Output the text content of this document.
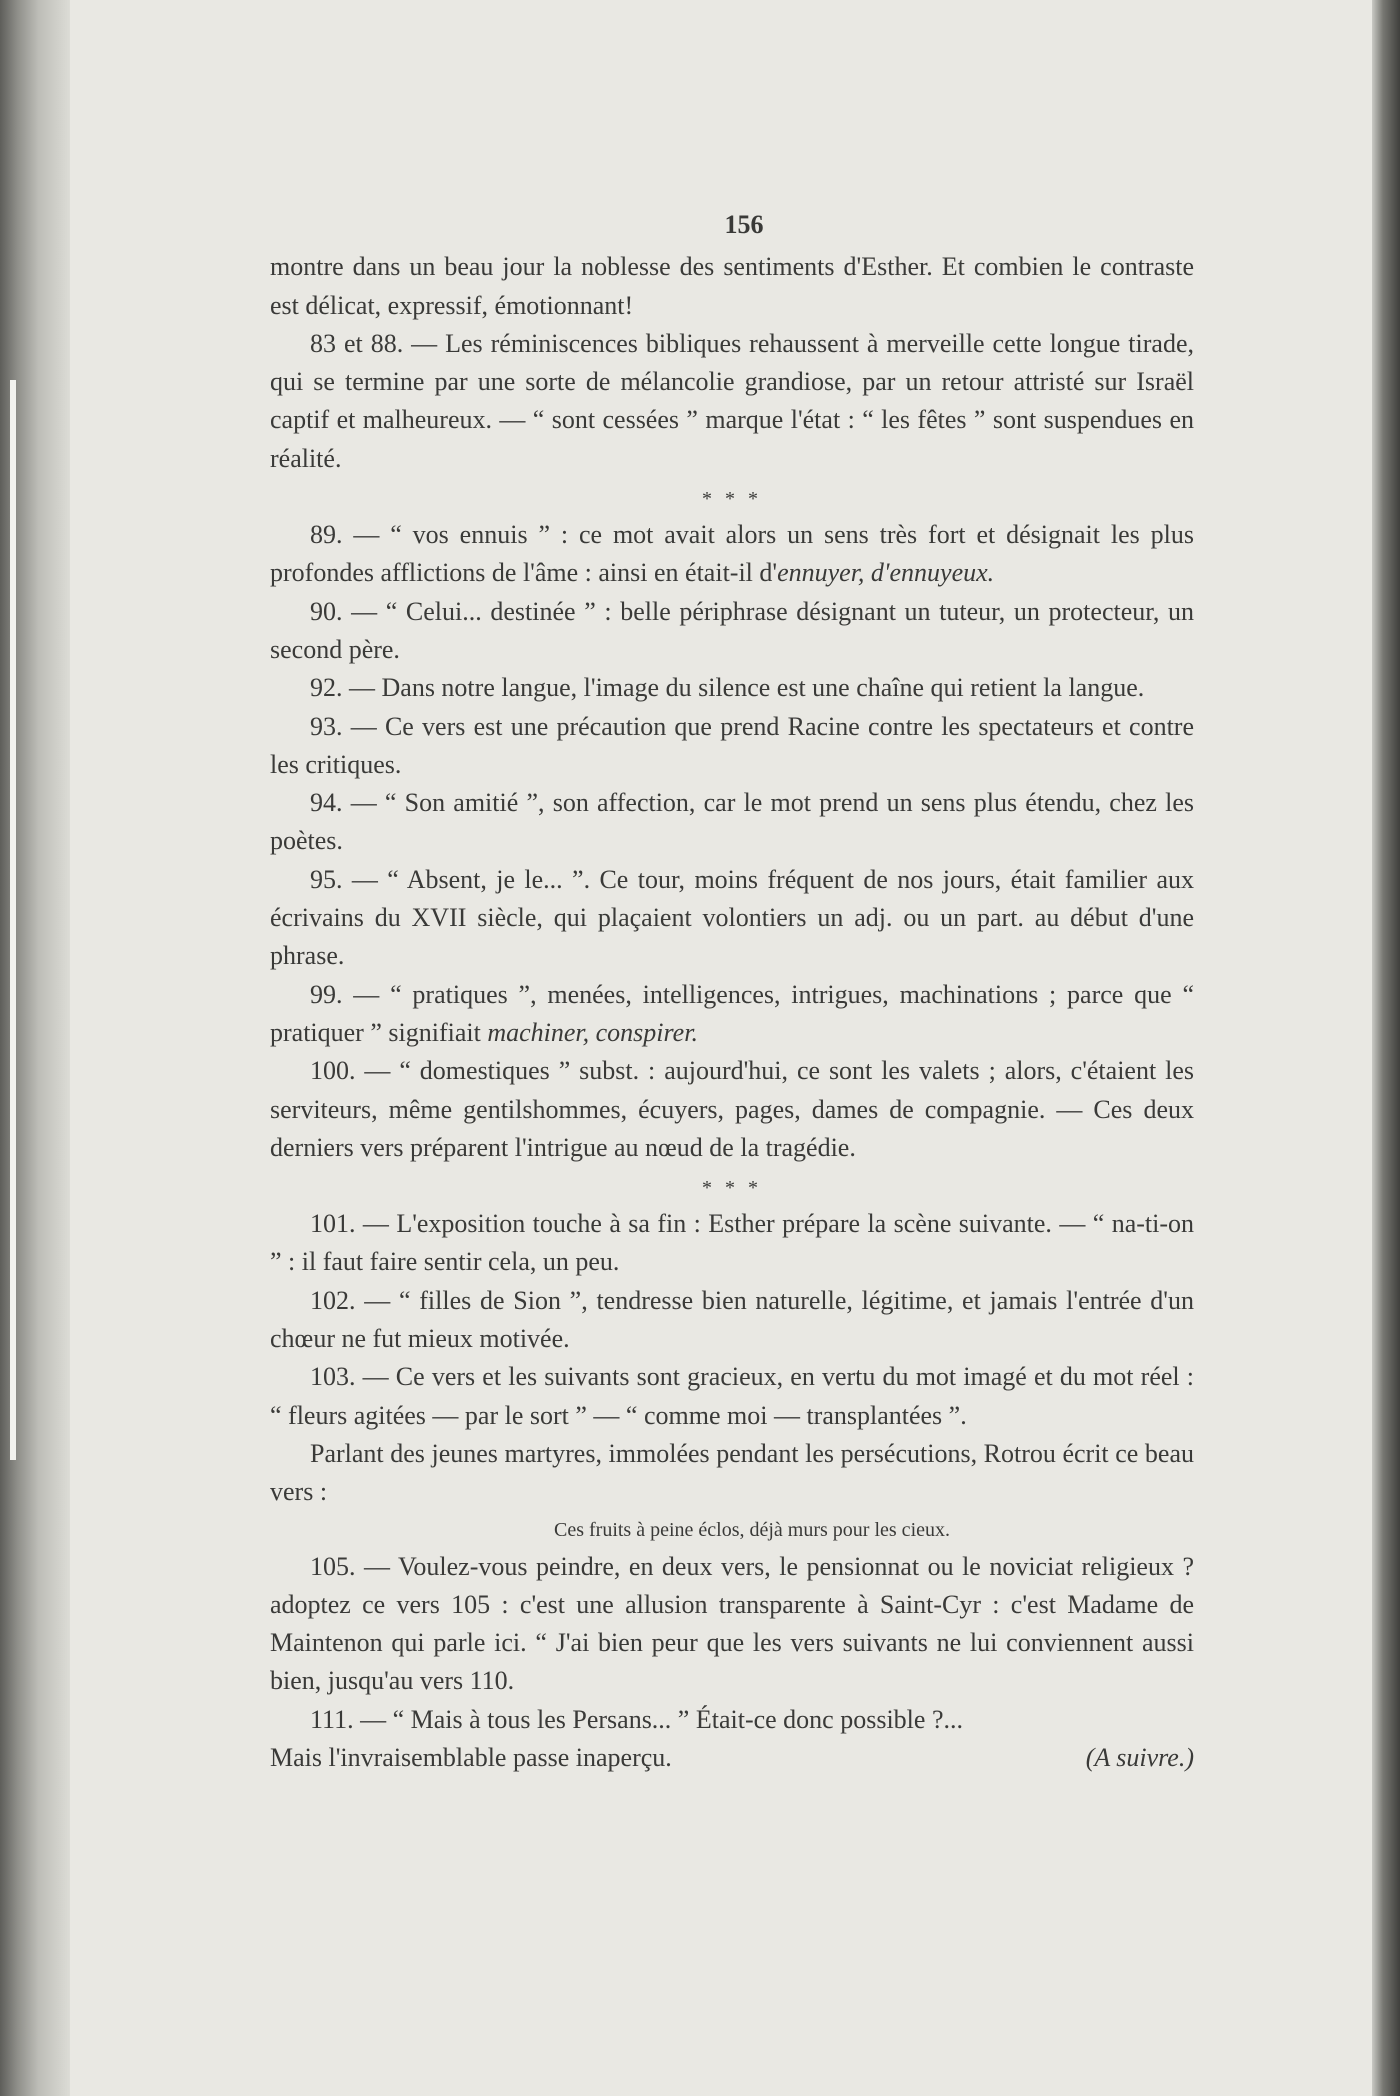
156

montre dans un beau jour la noblesse des sentiments d'Esther. Et combien le contraste est délicat, expressif, émotionnant!

83 et 88. — Les réminiscences bibliques rehaussent à merveille cette longue tirade, qui se termine par une sorte de mélancolie grandiose, par un retour attristé sur Israël captif et malheureux. — “ sont cessées ” marque l'état : “ les fêtes ” sont suspendues en réalité.

* * *

89. — “ vos ennuis ” : ce mot avait alors un sens très fort et désignait les plus profondes afflictions de l'âme : ainsi en était-il d'ennuyer, d'ennuyeux.

90. — “ Celui... destinée ” : belle périphrase désignant un tuteur, un protecteur, un second père.

92. — Dans notre langue, l'image du silence est une chaîne qui retient la langue.

93. — Ce vers est une précaution que prend Racine contre les spectateurs et contre les critiques.

94. — “ Son amitié ”, son affection, car le mot prend un sens plus étendu, chez les poètes.

95. — “ Absent, je le... ”. Ce tour, moins fréquent de nos jours, était familier aux écrivains du XVII siècle, qui plaçaient volontiers un adj. ou un part. au début d'une phrase.

99. — “ pratiques ”, menées, intelligences, intrigues, machinations ; parce que “ pratiquer ” signifiait machiner, conspirer.

100. — “ domestiques ” subst. : aujourd'hui, ce sont les valets ; alors, c'étaient les serviteurs, même gentilshommes, écuyers, pages, dames de compagnie. — Ces deux derniers vers préparent l'intrigue au nœud de la tragédie.

* * *

101. — L'exposition touche à sa fin : Esther prépare la scène suivante. — “ na-ti-on ” : il faut faire sentir cela, un peu.

102. — “ filles de Sion ”, tendresse bien naturelle, légitime, et jamais l'entrée d'un chœur ne fut mieux motivée.

103. — Ce vers et les suivants sont gracieux, en vertu du mot imagé et du mot réel : “ fleurs agitées — par le sort ” — “ comme moi — transplantées ”.

Parlant des jeunes martyres, immolées pendant les persécutions, Rotrou écrit ce beau vers :

Ces fruits à peine éclos, déjà murs pour les cieux.

105. — Voulez-vous peindre, en deux vers, le pensionnat ou le noviciat religieux ? adoptez ce vers 105 : c'est une allusion transparente à Saint-Cyr : c'est Madame de Maintenon qui parle ici. “ J'ai bien peur que les vers suivants ne lui conviennent aussi bien, jusqu'au vers 110.

111. — “ Mais à tous les Persans... ” Était-ce donc possible ?...

Mais l'invraisemblable passe inaperçu.	(A suivre.)
